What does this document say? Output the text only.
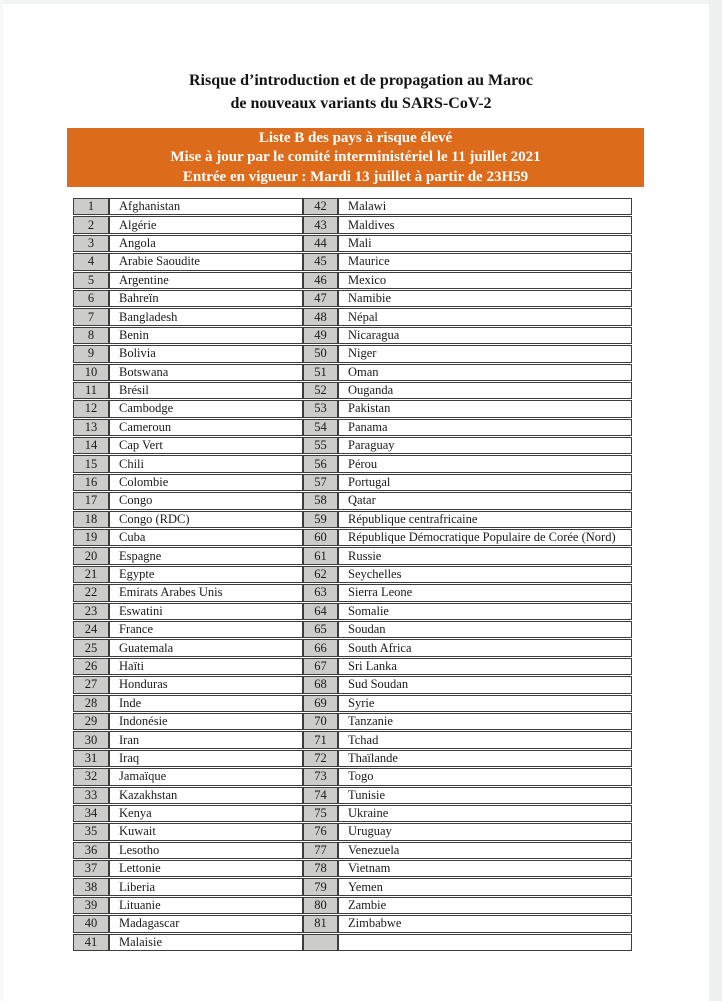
Risque d’introduction et de propagation au Maroc
de nouveaux variants du SARS-CoV-2
Liste B des pays à risque élevé
Mise à jour par le comité interministériel le 11 juillet 2021
Entrée en vigueur : Mardi 13 juillet à partir de 23H59
1	Afghanistan	42	Malawi
2	Algérie	43	Maldives
3	Angola	44	Mali
4	Arabie Saoudite	45	Maurice
5	Argentine	46	Mexico
6	Bahreïn	47	Namibie
7	Bangladesh	48	Népal
8	Benin	49	Nicaragua
9	Bolivia	50	Niger
10	Botswana	51	Oman
11	Brésil	52	Ouganda
12	Cambodge	53	Pakistan
13	Cameroun	54	Panama
14	Cap Vert	55	Paraguay
15	Chili	56	Pérou
16	Colombie	57	Portugal
17	Congo	58	Qatar
18	Congo (RDC)	59	République centrafricaine
19	Cuba	60	République Démocratique Populaire de Corée (Nord)
20	Espagne	61	Russie
21	Egypte	62	Seychelles
22	Emirats Arabes Unis	63	Sierra Leone
23	Eswatini	64	Somalie
24	France	65	Soudan
25	Guatemala	66	South Africa
26	Haïti	67	Sri Lanka
27	Honduras	68	Sud Soudan
28	Inde	69	Syrie
29	Indonésie	70	Tanzanie
30	Iran	71	Tchad
31	Iraq	72	Thaïlande
32	Jamaïque	73	Togo
33	Kazakhstan	74	Tunisie
34	Kenya	75	Ukraine
35	Kuwait	76	Uruguay
36	Lesotho	77	Venezuela
37	Lettonie	78	Vietnam
38	Liberia	79	Yemen
39	Lituanie	80	Zambie
40	Madagascar	81	Zimbabwe
41	Malaisie		
